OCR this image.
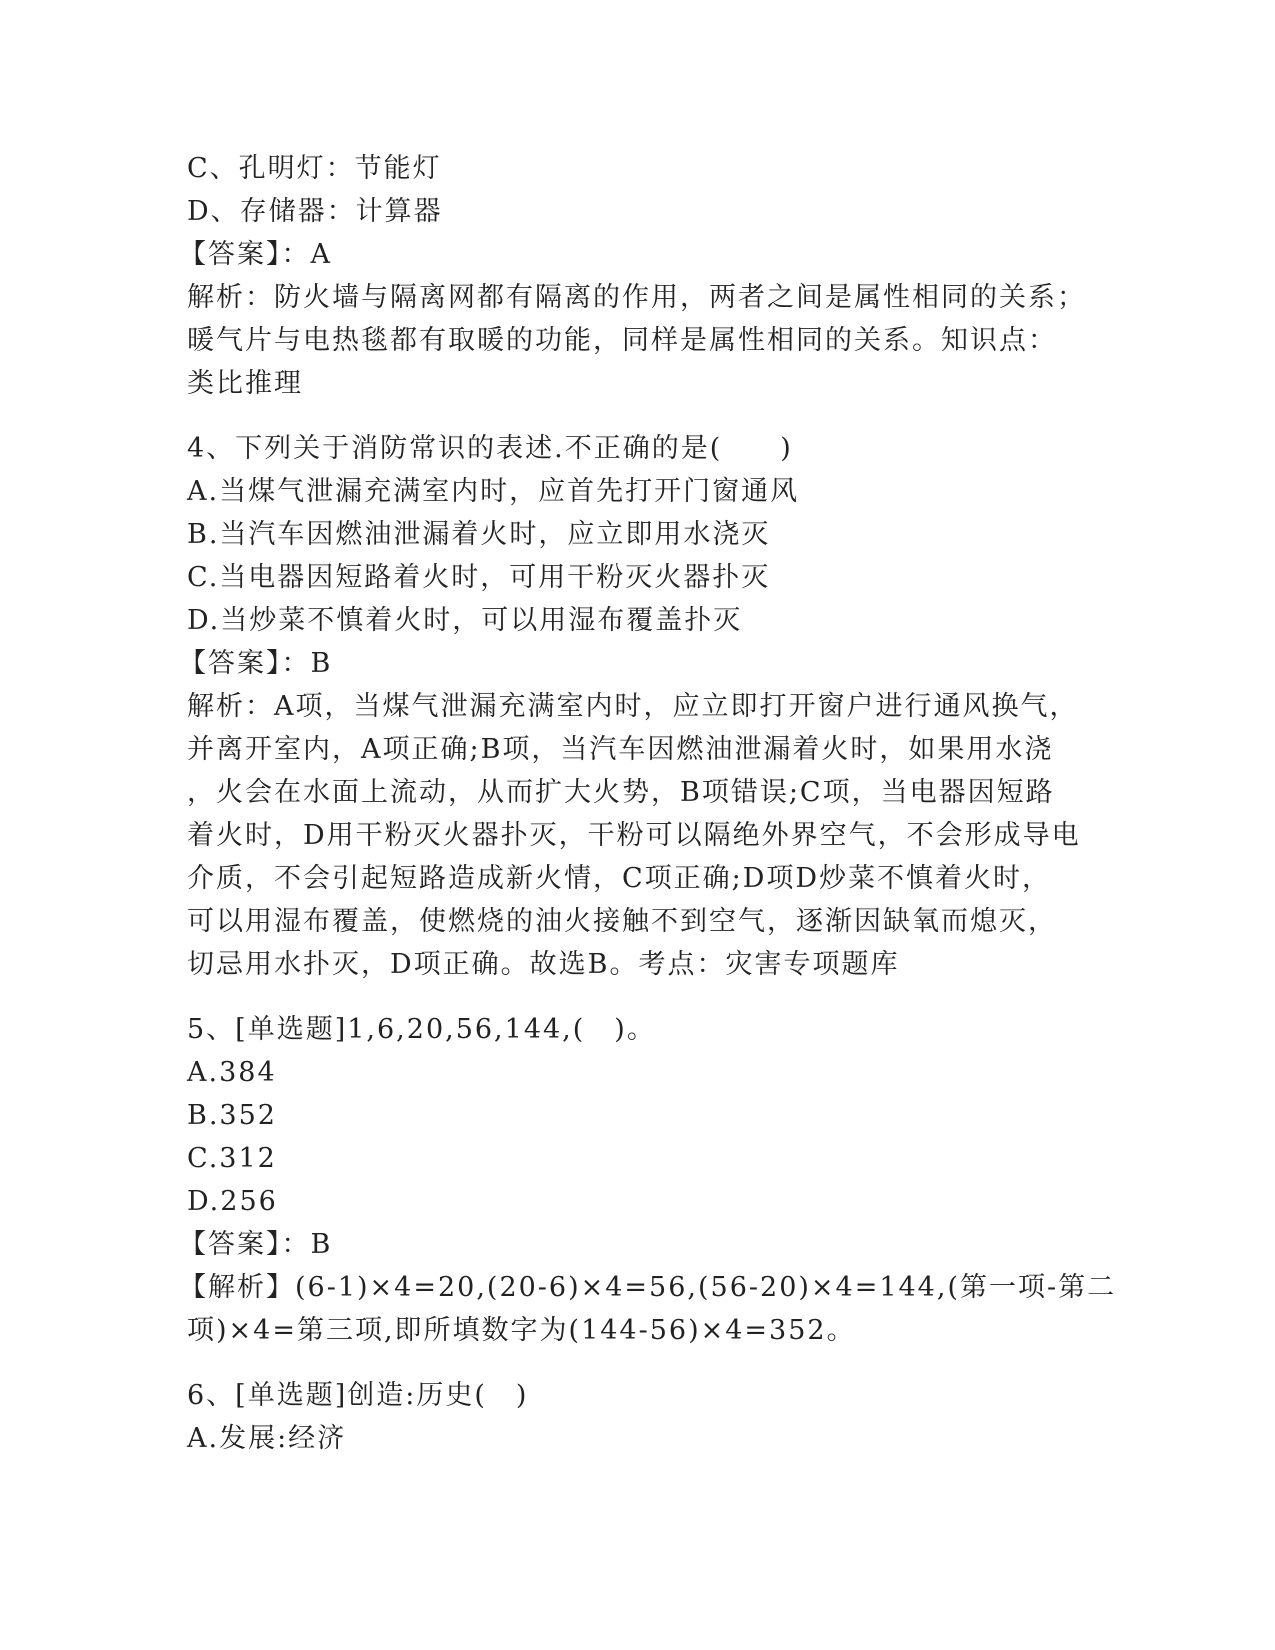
C、孔明灯：节能灯
D、存储器：计算器
【答案】：A
解析：防火墙与隔离网都有隔离的作用，两者之间是属性相同的关系；
暖气片与电热毯都有取暖的功能，同样是属性相同的关系。知识点：
类比推理
4、下列关于消防常识的表述.不正确的是(　　)
A.当煤气泄漏充满室内时，应首先打开门窗通风
B.当汽车因燃油泄漏着火时，应立即用水浇灭
C.当电器因短路着火时，可用干粉灭火器扑灭
D.当炒菜不慎着火时，可以用湿布覆盖扑灭
【答案】：B
解析：A项，当煤气泄漏充满室内时，应立即打开窗户进行通风换气，
并离开室内，A项正确;B项，当汽车因燃油泄漏着火时，如果用水浇
，火会在水面上流动，从而扩大火势，B项错误;C项，当电器因短路
着火时，D用干粉灭火器扑灭，干粉可以隔绝外界空气，不会形成导电
介质，不会引起短路造成新火情，C项正确;D项D炒菜不慎着火时，
可以用湿布覆盖，使燃烧的油火接触不到空气，逐渐因缺氧而熄灭，
切忌用水扑灭，D项正确。故选B。考点：灾害专项题库
5、[单选题]1,6,20,56,144,(　)。
A.384
B.352
C.312
D.256
【答案】：B
【解析】(6-1)×4=20,(20-6)×4=56,(56-20)×4=144,(第一项-第二
项)×4=第三项,即所填数字为(144-56)×4=352。
6、[单选题]创造:历史(　)
A.发展:经济
